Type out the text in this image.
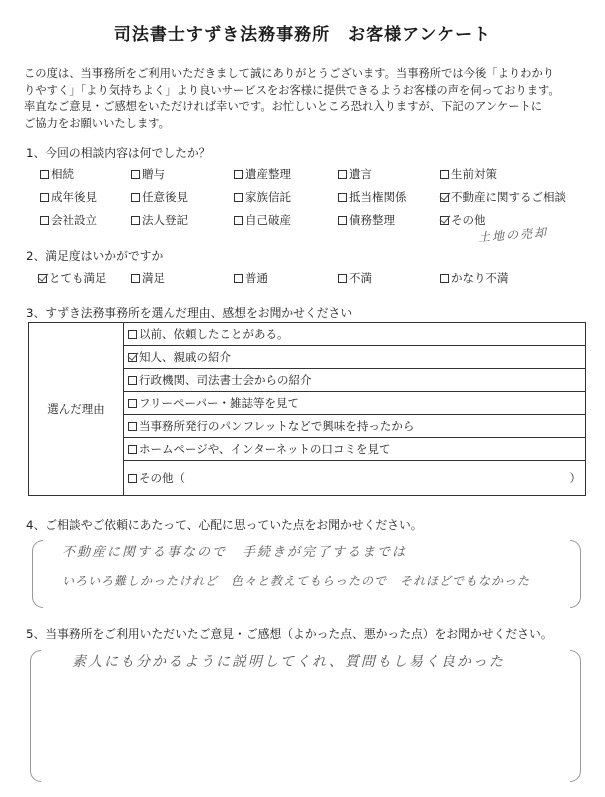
司法書士すずき法務事務所　お客様アンケート
この度は、当事務所をご利用いただきまして誠にありがとうございます。当事務所では今後「よりわかり
りやすく」「より気持ちよく」より良いサービスをお客様に提供できるようお客様の声を伺っております。
率直なご意見・ご感想をいただければ幸いです。お忙しいところ恐れ入りますが、下記のアンケートに
ご協力をお願いいたします。
1、今回の相談内容は何でしたか？
相続	贈与	遺産整理	遺言	生前対策
成年後見	任意後見	家族信託	抵当権関係	不動産に関するご相談
会社設立	法人登記	自己破産	債務整理	その他
土地の売却
2、満足度はいかがですか
とても満足	満足	普通	不満	かなり不満
3、すずき法務事務所を選んだ理由、感想をお聞かせください
選んだ理由	
以前、依頼したことがある。

知人、親戚の紹介

行政機関、司法書士会からの紹介

フリーペーパー・雑誌等を見て

当事務所発行のパンフレットなどで興味を持ったから

ホームページや、インターネットの口コミを見て

その他（	）
4、ご相談やご依頼にあたって、心配に思っていた点をお聞かせください。
不動産に関する事なので　手続きが完了するまでは
いろいろ難しかったけれど　色々と教えてもらったので　それほどでもなかった
5、当事務所をご利用いただいたご意見・ご感想（よかった点、悪かった点）をお聞かせください。
素人にも分かるように説明してくれ、質問もし易く良かった
